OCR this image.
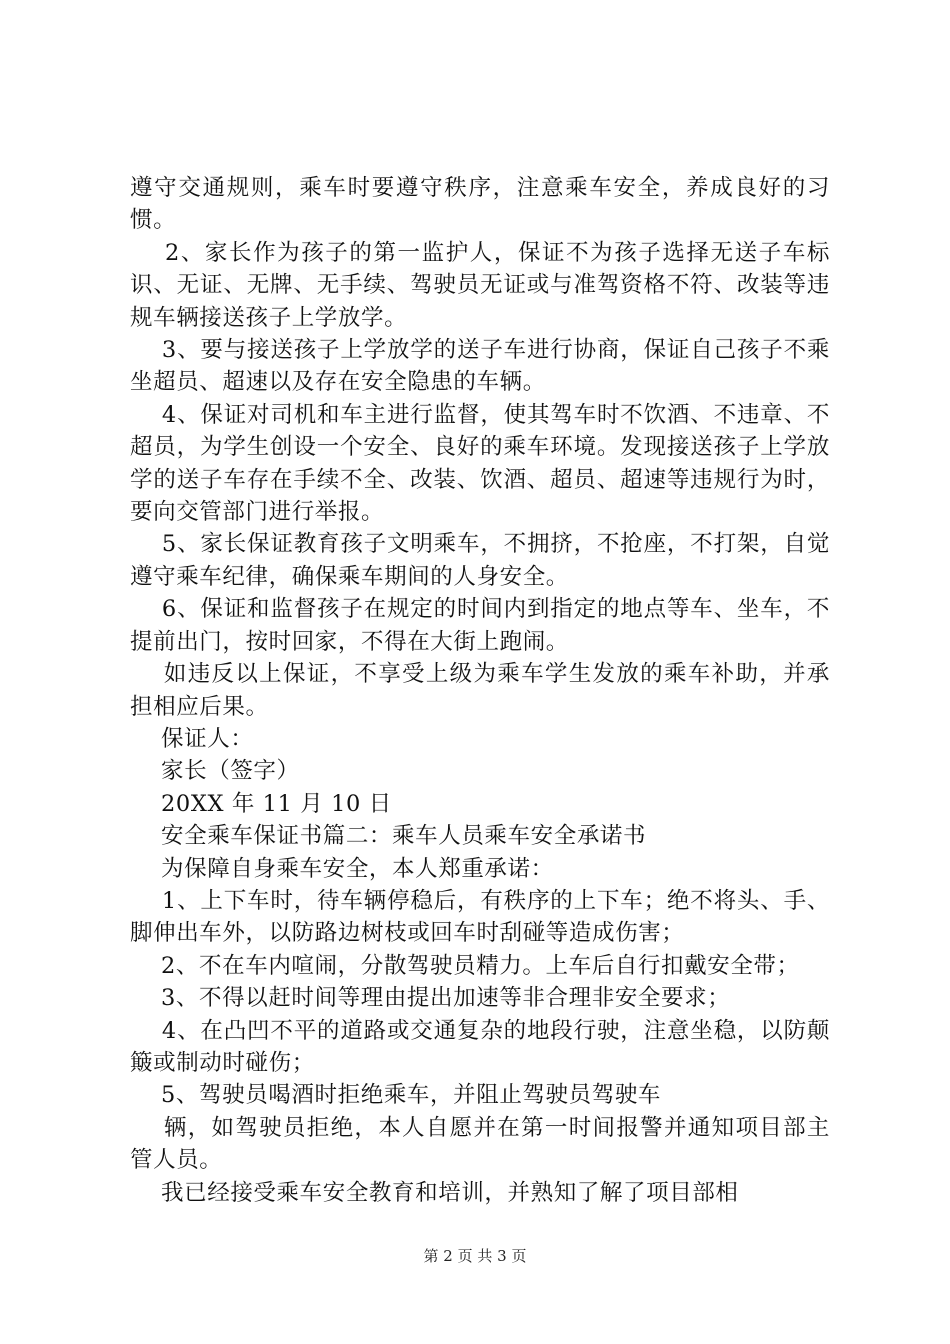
遵守交通规则，乘车时要遵守秩序，注意乘车安全，养成良好的习惯。

2、家长作为孩子的第一监护人，保证不为孩子选择无送子车标识、无证、无牌、无手续、驾驶员无证或与准驾资格不符、改装等违规车辆接送孩子上学放学。

3、要与接送孩子上学放学的送子车进行协商，保证自己孩子不乘坐超员、超速以及存在安全隐患的车辆。

4、保证对司机和车主进行监督，使其驾车时不饮酒、不违章、不超员，为学生创设一个安全、良好的乘车环境。发现接送孩子上学放学的送子车存在手续不全、改装、饮酒、超员、超速等违规行为时，要向交管部门进行举报。

5、家长保证教育孩子文明乘车，不拥挤，不抢座，不打架，自觉遵守乘车纪律，确保乘车期间的人身安全。

6、保证和监督孩子在规定的时间内到指定的地点等车、坐车，不提前出门，按时回家，不得在大街上跑闹。

如违反以上保证，不享受上级为乘车学生发放的乘车补助，并承担相应后果。

保证人：

家长（签字）

20XX 年 11 月 10 日

安全乘车保证书篇二：乘车人员乘车安全承诺书

为保障自身乘车安全，本人郑重承诺：

1、上下车时，待车辆停稳后，有秩序的上下车；绝不将头、手、脚伸出车外，以防路边树枝或回车时刮碰等造成伤害；

2、不在车内喧闹，分散驾驶员精力。上车后自行扣戴安全带；

3、不得以赶时间等理由提出加速等非合理非安全要求；

4、在凸凹不平的道路或交通复杂的地段行驶，注意坐稳，以防颠簸或制动时碰伤；

5、驾驶员喝酒时拒绝乘车，并阻止驾驶员驾驶车

辆，如驾驶员拒绝，本人自愿并在第一时间报警并通知项目部主管人员。

我已经接受乘车安全教育和培训，并熟知了解了项目部相

第 2 页 共 3 页
